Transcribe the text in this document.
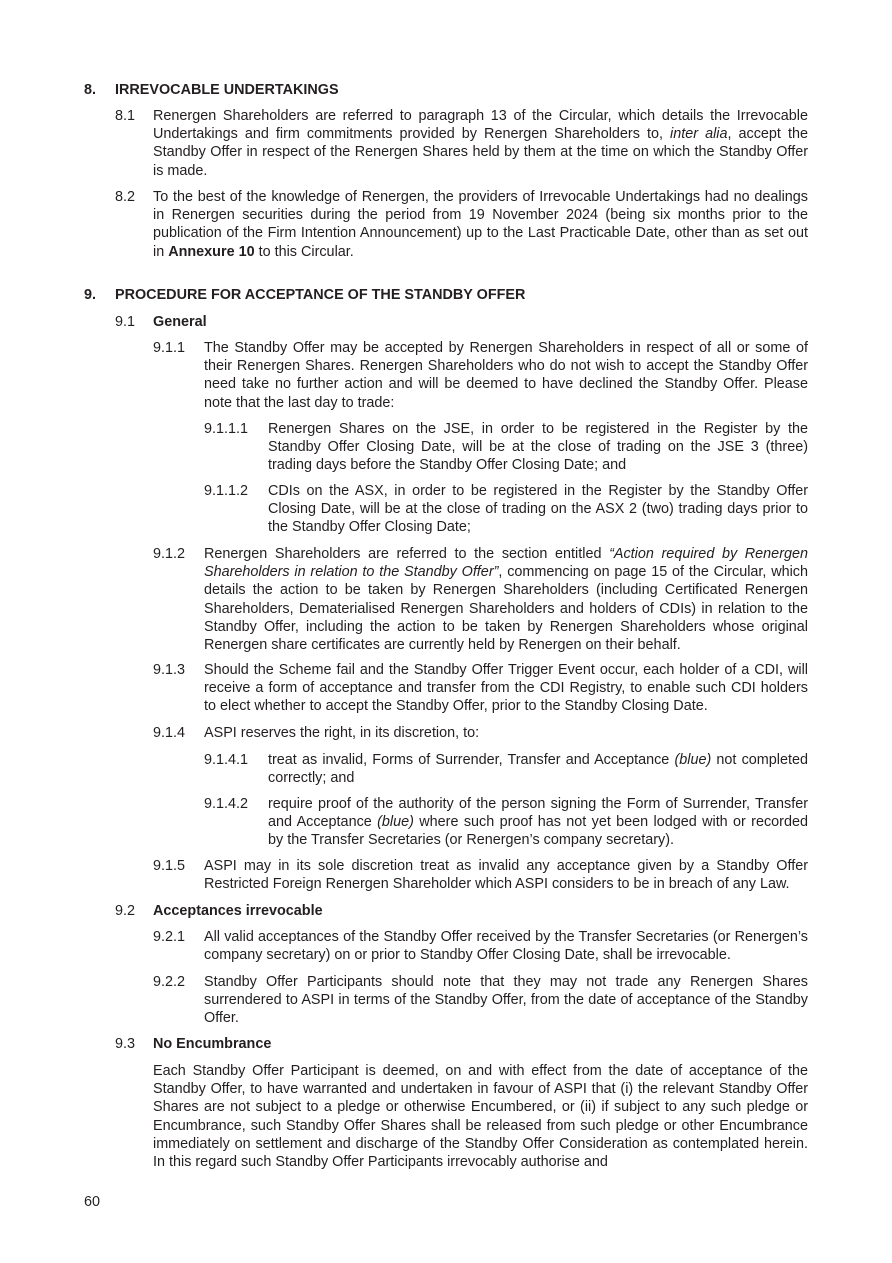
8.	IRREVOCABLE UNDERTAKINGS
8.1	Renergen Shareholders are referred to paragraph 13 of the Circular, which details the Irrevocable Undertakings and firm commitments provided by Renergen Shareholders to, inter alia, accept the Standby Offer in respect of the Renergen Shares held by them at the time on which the Standby Offer is made.
8.2	To the best of the knowledge of Renergen, the providers of Irrevocable Undertakings had no dealings in Renergen securities during the period from 19 November 2024 (being six months prior to the publication of the Firm Intention Announcement) up to the Last Practicable Date, other than as set out in Annexure 10 to this Circular.
9.	PROCEDURE FOR ACCEPTANCE OF THE STANDBY OFFER
9.1	General
9.1.1	The Standby Offer may be accepted by Renergen Shareholders in respect of all or some of their Renergen Shares. Renergen Shareholders who do not wish to accept the Standby Offer need take no further action and will be deemed to have declined the Standby Offer. Please note that the last day to trade:
9.1.1.1	Renergen Shares on the JSE, in order to be registered in the Register by the Standby Offer Closing Date, will be at the close of trading on the JSE 3 (three) trading days before the Standby Offer Closing Date; and
9.1.1.2	CDIs on the ASX, in order to be registered in the Register by the Standby Offer Closing Date, will be at the close of trading on the ASX 2 (two) trading days prior to the Standby Offer Closing Date;
9.1.2	Renergen Shareholders are referred to the section entitled “Action required by Renergen Shareholders in relation to the Standby Offer”, commencing on page 15 of the Circular, which details the action to be taken by Renergen Shareholders (including Certificated Renergen Shareholders, Dematerialised Renergen Shareholders and holders of CDIs) in relation to the Standby Offer, including the action to be taken by Renergen Shareholders whose original Renergen share certificates are currently held by Renergen on their behalf.
9.1.3	Should the Scheme fail and the Standby Offer Trigger Event occur, each holder of a CDI, will receive a form of acceptance and transfer from the CDI Registry, to enable such CDI holders to elect whether to accept the Standby Offer, prior to the Standby Closing Date.
9.1.4	ASPI reserves the right, in its discretion, to:
9.1.4.1	treat as invalid, Forms of Surrender, Transfer and Acceptance (blue) not completed correctly; and
9.1.4.2	require proof of the authority of the person signing the Form of Surrender, Transfer and Acceptance (blue) where such proof has not yet been lodged with or recorded by the Transfer Secretaries (or Renergen’s company secretary).
9.1.5	ASPI may in its sole discretion treat as invalid any acceptance given by a Standby Offer Restricted Foreign Renergen Shareholder which ASPI considers to be in breach of any Law.
9.2	Acceptances irrevocable
9.2.1	All valid acceptances of the Standby Offer received by the Transfer Secretaries (or Renergen’s company secretary) on or prior to Standby Offer Closing Date, shall be irrevocable.
9.2.2	Standby Offer Participants should note that they may not trade any Renergen Shares surrendered to ASPI in terms of the Standby Offer, from the date of acceptance of the Standby Offer.
9.3	No Encumbrance
Each Standby Offer Participant is deemed, on and with effect from the date of acceptance of the Standby Offer, to have warranted and undertaken in favour of ASPI that (i) the relevant Standby Offer Shares are not subject to a pledge or otherwise Encumbered, or (ii) if subject to any such pledge or Encumbrance, such Standby Offer Shares shall be released from such pledge or other Encumbrance immediately on settlement and discharge of the Standby Offer Consideration as contemplated herein. In this regard such Standby Offer Participants irrevocably authorise and
60
